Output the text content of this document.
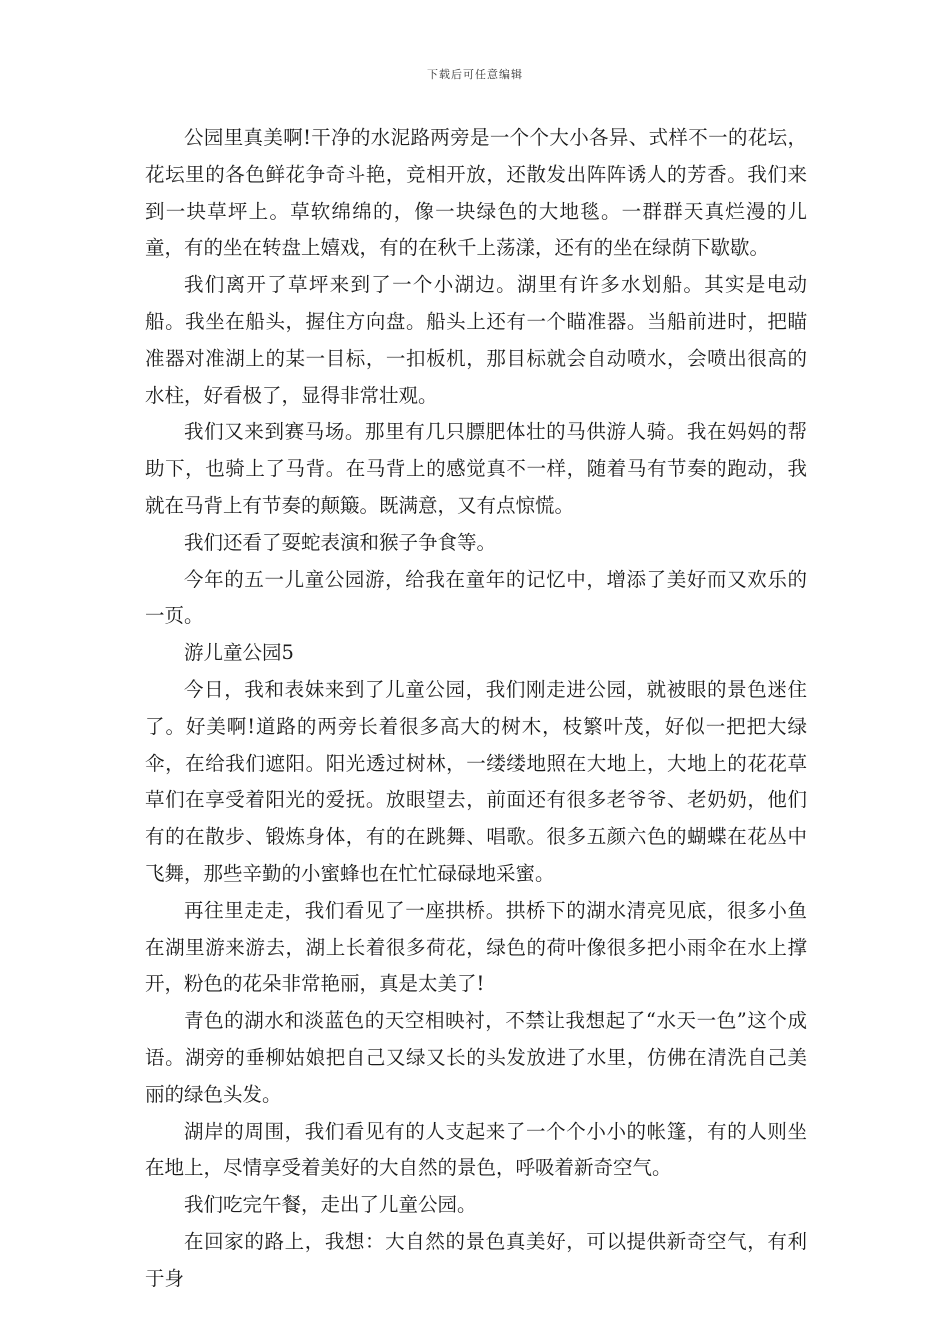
下载后可任意编辑

公园里真美啊!干净的水泥路两旁是一个个大小各异、式样不一的花坛，花坛里的各色鲜花争奇斗艳，竞相开放，还散发出阵阵诱人的芳香。我们来到一块草坪上。草软绵绵的，像一块绿色的大地毯。一群群天真烂漫的儿童，有的坐在转盘上嬉戏，有的在秋千上荡漾，还有的坐在绿荫下歇歇。

我们离开了草坪来到了一个小湖边。湖里有许多水划船。其实是电动船。我坐在船头，握住方向盘。船头上还有一个瞄准器。当船前进时，把瞄准器对准湖上的某一目标，一扣板机，那目标就会自动喷水，会喷出很高的水柱，好看极了，显得非常壮观。

我们又来到赛马场。那里有几只膘肥体壮的马供游人骑。我在妈妈的帮助下，也骑上了马背。在马背上的感觉真不一样，随着马有节奏的跑动，我就在马背上有节奏的颠簸。既满意，又有点惊慌。

我们还看了耍蛇表演和猴子争食等。

今年的五一儿童公园游，给我在童年的记忆中，增添了美好而又欢乐的一页。

游儿童公园5

今日，我和表妹来到了儿童公园，我们刚走进公园，就被眼的景色迷住了。好美啊!道路的两旁长着很多高大的树木，枝繁叶茂，好似一把把大绿伞，在给我们遮阳。阳光透过树林，一缕缕地照在大地上，大地上的花花草草们在享受着阳光的爱抚。放眼望去，前面还有很多老爷爷、老奶奶，他们有的在散步、锻炼身体，有的在跳舞、唱歌。很多五颜六色的蝴蝶在花丛中飞舞，那些辛勤的小蜜蜂也在忙忙碌碌地采蜜。

再往里走走，我们看见了一座拱桥。拱桥下的湖水清亮见底，很多小鱼在湖里游来游去，湖上长着很多荷花，绿色的荷叶像很多把小雨伞在水上撑开，粉色的花朵非常艳丽，真是太美了!

青色的湖水和淡蓝色的天空相映衬，不禁让我想起了“水天一色”这个成语。湖旁的垂柳姑娘把自己又绿又长的头发放进了水里，仿佛在清洗自己美丽的绿色头发。

湖岸的周围，我们看见有的人支起来了一个个小小的帐篷，有的人则坐在地上，尽情享受着美好的大自然的景色，呼吸着新奇空气。

我们吃完午餐，走出了儿童公园。

在回家的路上，我想：大自然的景色真美好，可以提供新奇空气，有利于身
